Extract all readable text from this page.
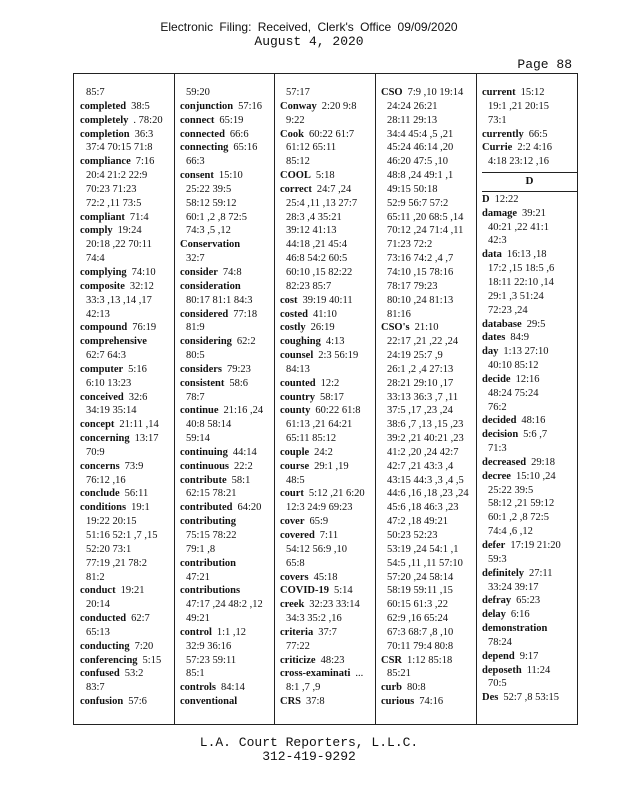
Electronic Filing: Received, Clerk's Office 09/09/2020
August 4, 2020
Page 88
85:7
completed 38:5
completely . 78:20
completion 36:3
37:4 70:15 71:8
compliance 7:16
20:4 21:2 22:9
70:23 71:23
72:2 ,11 73:5
compliant 71:4
comply 19:24
20:18 ,22 70:11
74:4
complying 74:10
composite 32:12
33:3 ,13 ,14 ,17
42:13
compound 76:19
comprehensive
62:7 64:3
computer 5:16
6:10 13:23
conceived 32:6
34:19 35:14
concept 21:11 ,14
concerning 13:17
70:9
concerns 73:9
76:12 ,16
conclude 56:11
conditions 19:1
19:22 20:15
51:16 52:1 ,7 ,15
52:20 73:1
77:19 ,21 78:2
81:2
conduct 19:21
20:14
conducted 62:7
65:13
conducting 7:20
conferencing 5:15
confused 53:2
83:7
confusion 57:6
59:20
conjunction 57:16
connect 65:19
connected 66:6
connecting 65:16
66:3
consent 15:10
25:22 39:5
58:12 59:12
60:1 ,2 ,8 72:5
74:3 ,5 ,12
Conservation
32:7
consider 74:8
consideration
80:17 81:1 84:3
considered 77:18
81:9
considering 62:2
80:5
considers 79:23
consistent 58:6
78:7
continue 21:16 ,24
40:8 58:14
59:14
continuing 44:14
continuous 22:2
contribute 58:1
62:15 78:21
contributed 64:20
contributing
75:15 78:22
79:1 ,8
contribution
47:21
contributions
47:17 ,24 48:2 ,12
49:21
control 1:1 ,12
32:9 36:16
57:23 59:11
85:1
controls 84:14
conventional
57:17
Conway 2:20 9:8
9:22
Cook 60:22 61:7
61:12 65:11
85:12
COOL 5:18
correct 24:7 ,24
25:4 ,11 ,13 27:7
28:3 ,4 35:21
39:12 41:13
44:18 ,21 45:4
46:8 54:2 60:5
60:10 ,15 82:22
82:23 85:7
cost 39:19 40:11
costed 41:10
costly 26:19
coughing 4:13
counsel 2:3 56:19
84:13
counted 12:2
country 58:17
county 60:22 61:8
61:13 ,21 64:21
65:11 85:12
couple 24:2
course 29:1 ,19
48:5
court 5:12 ,21 6:20
12:3 24:9 69:23
cover 65:9
covered 7:11
54:12 56:9 ,10
65:8
covers 45:18
COVID-19 5:14
creek 32:23 33:14
34:3 35:2 ,16
criteria 37:7
77:22
criticize 48:23
cross-examinati ...
8:1 ,7 ,9
CRS 37:8
CSO 7:9 ,10 19:14
24:24 26:21
28:11 29:13
34:4 45:4 ,5 ,21
45:24 46:14 ,20
46:20 47:5 ,10
48:8 ,24 49:1 ,1
49:15 50:18
52:9 56:7 57:2
65:11 ,20 68:5 ,14
70:12 ,24 71:4 ,11
71:23 72:2
73:16 74:2 ,4 ,7
74:10 ,15 78:16
78:17 79:23
80:10 ,24 81:13
81:16
CSO's 21:10
22:17 ,21 ,22 ,24
24:19 25:7 ,9
26:1 ,2 ,4 27:13
28:21 29:10 ,17
33:13 36:3 ,7 ,11
37:5 ,17 ,23 ,24
38:6 ,7 ,13 ,15 ,23
39:2 ,21 40:21 ,23
41:2 ,20 ,24 42:7
42:7 ,21 43:3 ,4
43:15 44:3 ,3 ,4 ,5
44:6 ,16 ,18 ,23 ,24
45:6 ,18 46:3 ,23
47:2 ,18 49:21
50:23 52:23
53:19 ,24 54:1 ,1
54:5 ,11 ,11 57:10
57:20 ,24 58:14
58:19 59:11 ,15
60:15 61:3 ,22
62:9 ,16 65:24
67:3 68:7 ,8 ,10
70:11 79:4 80:8
CSR 1:12 85:18
85:21
curb 80:8
curious 74:16
current 15:12
19:1 ,21 20:15
73:1
currently 66:5
Currie 2:2 4:16
4:18 23:12 ,16
D
D 12:22
damage 39:21
40:21 ,22 41:1
42:3
data 16:13 ,18
17:2 ,15 18:5 ,6
18:11 22:10 ,14
29:1 ,3 51:24
72:23 ,24
database 29:5
dates 84:9
day 1:13 27:10
40:10 85:12
decide 12:16
48:24 75:24
76:2
decided 48:16
decision 5:6 ,7
71:3
decreased 29:18
decree 15:10 ,24
25:22 39:5
58:12 ,21 59:12
60:1 ,2 ,8 72:5
74:4 ,6 ,12
defer 17:19 21:20
59:3
definitely 27:11
33:24 39:17
defray 65:23
delay 6:16
demonstration
78:24
depend 9:17
deposeth 11:24
70:5
Des 52:7 ,8 53:15
L.A. Court Reporters, L.L.C.
312-419-9292
